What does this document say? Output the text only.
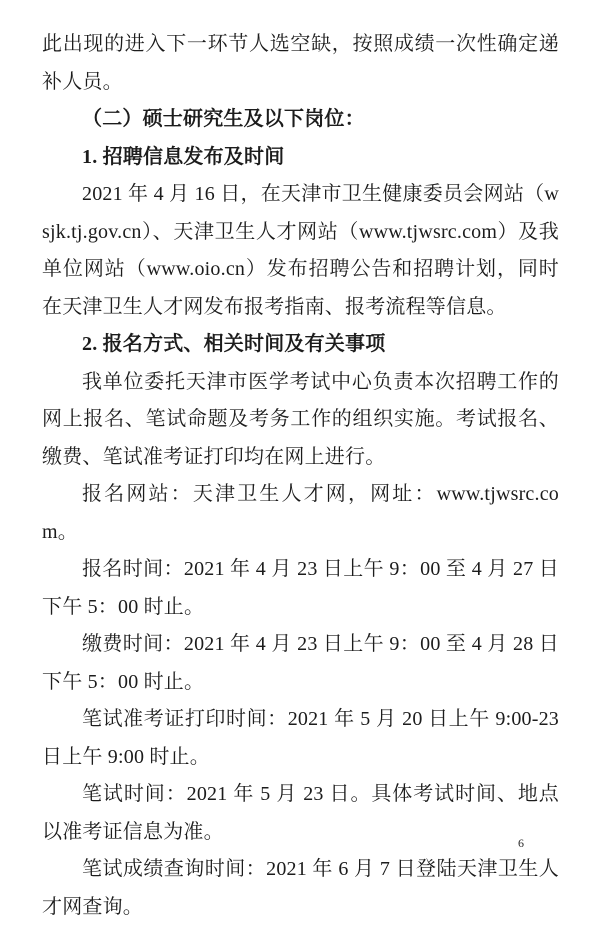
此出现的进入下一环节人选空缺，按照成绩一次性确定递补人员。

（二）硕士研究生及以下岗位：

1. 招聘信息发布及时间

2021 年 4 月 16 日，在天津市卫生健康委员会网站（wsjk.tj.gov.cn）、天津卫生人才网站（www.tjwsrc.com）及我单位网站（www.oio.cn）发布招聘公告和招聘计划，同时在天津卫生人才网发布报考指南、报考流程等信息。

2. 报名方式、相关时间及有关事项

我单位委托天津市医学考试中心负责本次招聘工作的网上报名、笔试命题及考务工作的组织实施。考试报名、缴费、笔试准考证打印均在网上进行。

报名网站：天津卫生人才网，网址：www.tjwsrc.com。

报名时间：2021 年 4 月 23 日上午 9：00 至 4 月 27 日下午 5：00 时止。

缴费时间：2021 年 4 月 23 日上午 9：00 至 4 月 28 日下午 5：00 时止。

笔试准考证打印时间：2021 年 5 月 20 日上午 9:00-23 日上午 9:00 时止。

笔试时间：2021 年 5 月 23 日。具体考试时间、地点以准考证信息为准。

笔试成绩查询时间：2021 年 6 月 7 日登陆天津卫生人才网查询。

6
